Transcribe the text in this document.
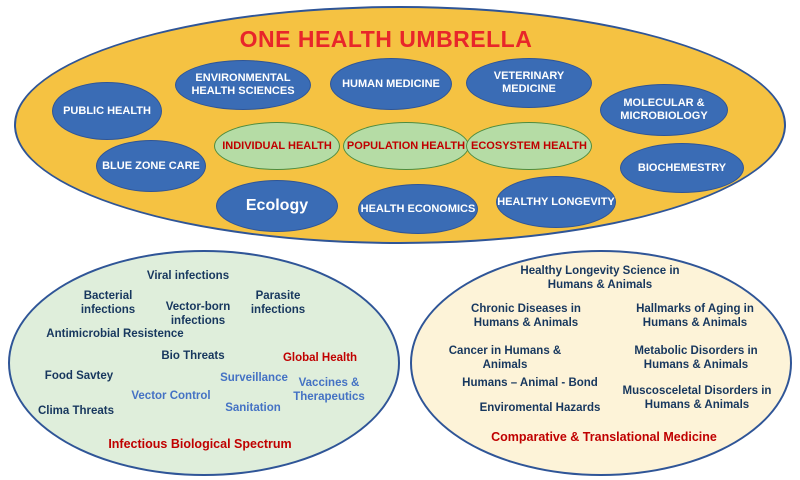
ONE HEALTH UMBRELLA
PUBLIC HEALTH
ENVIRONMENTAL HEALTH SCIENCES
HUMAN MEDICINE
VETERINARY MEDICINE
MOLECULAR & MICROBIOLOGY
BLUE ZONE CARE	BIOCHEMESTRY
Ecology	HEALTH ECONOMICS
HEALTHY LONGEVITY
INDIVIDUAL HEALTH	POPULATION HEALTH ECOSYSTEM HEALTH
Viral infections
Bacterial infections	Vector-born infections
Parasite infections
Antimicrobial Resistence
Bio Threats	Global Health
Food Savtey	Surveillance Vaccines & Therapeutics
Vector Control
Clima Threats	Sanitation
Infectious Biological Spectrum
Healthy Longevity Science in Humans & Animals
Chronic Diseases in Humans & Animals
Hallmarks of Aging in Humans & Animals
Cancer in Humans & Animals
Metabolic Disorders in Humans & Animals
Humans – Animal - Bond
Muscosceletal Disorders in Humans & Animals
Enviromental Hazards
Comparative & Translational Medicine
